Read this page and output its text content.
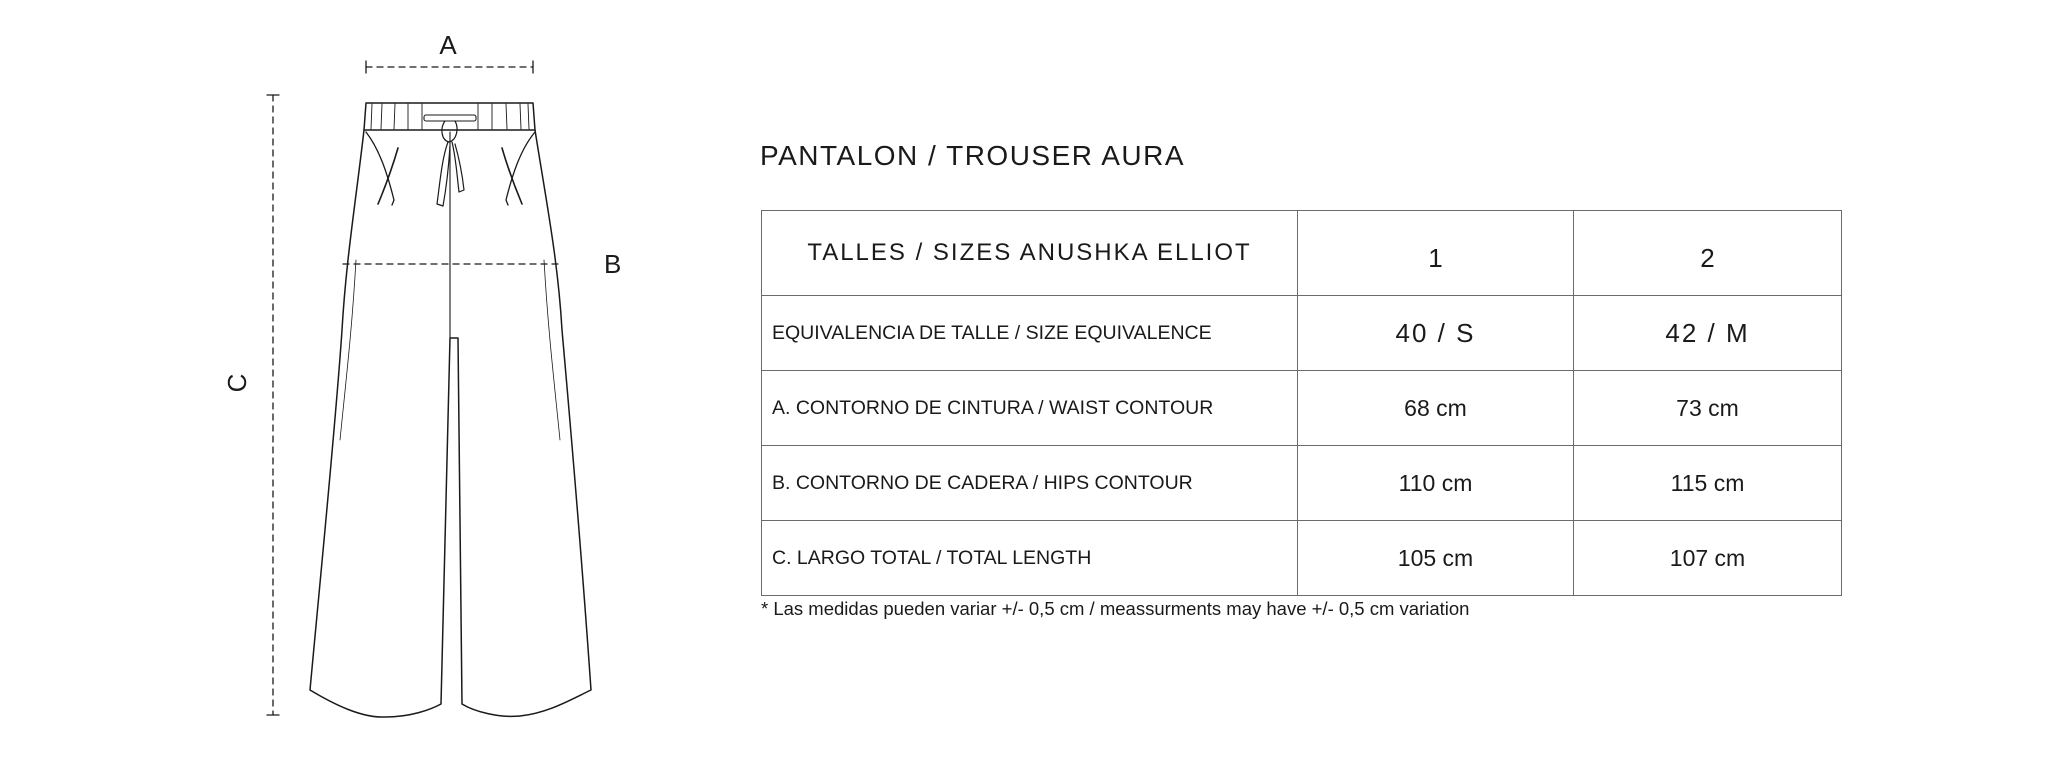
A
B
C
PANTALON / TROUSER AURA
TALLES / SIZES ANUSHKA ELLIOT	1	2
EQUIVALENCIA DE TALLE / SIZE EQUIVALENCE	40 / S	42 / M
A. CONTORNO DE CINTURA / WAIST CONTOUR	68 cm	73 cm
B. CONTORNO DE CADERA / HIPS CONTOUR	110 cm	115 cm
C. LARGO TOTAL / TOTAL LENGTH	105 cm	107 cm
* Las medidas pueden variar +/- 0,5 cm / meassurments may have +/- 0,5 cm variation
